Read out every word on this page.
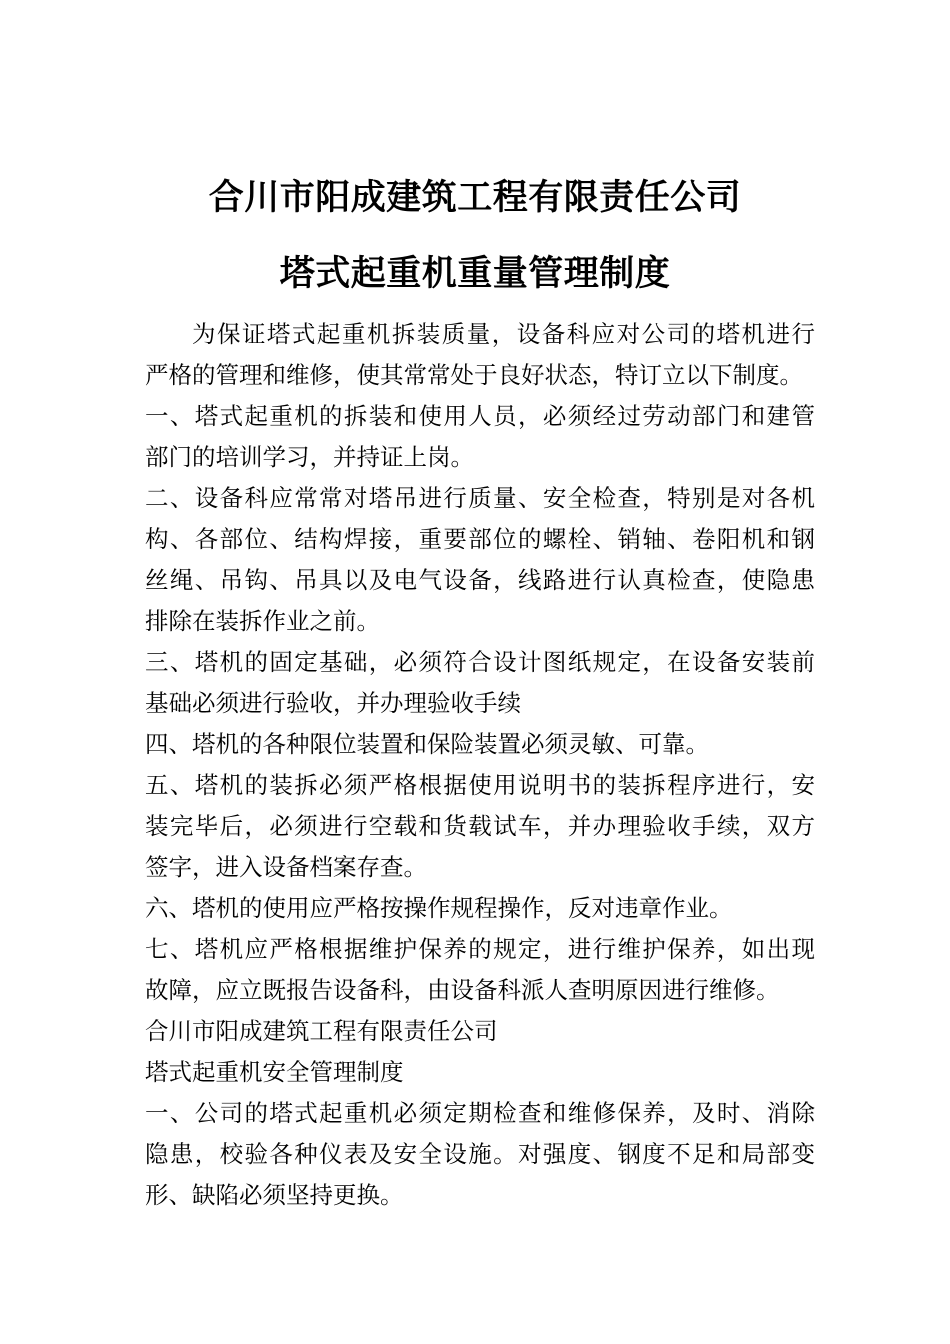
合川市阳成建筑工程有限责任公司
塔式起重机重量管理制度
为保证塔式起重机拆装质量，设备科应对公司的塔机进行
严格的管理和维修，使其常常处于良好状态，特订立以下制度。
一、塔式起重机的拆装和使用人员，必须经过劳动部门和建管
部门的培训学习，并持证上岗。
二、设备科应常常对塔吊进行质量、安全检查，特别是对各机
构、各部位、结构焊接，重要部位的螺栓、销轴、卷阳机和钢
丝绳、吊钩、吊具以及电气设备，线路进行认真检查，使隐患
排除在装拆作业之前。
三、塔机的固定基础，必须符合设计图纸规定，在设备安装前
基础必须进行验收，并办理验收手续
四、塔机的各种限位装置和保险装置必须灵敏、可靠。
五、塔机的装拆必须严格根据使用说明书的装拆程序进行，安
装完毕后，必须进行空载和货载试车，并办理验收手续，双方
签字，进入设备档案存查。
六、塔机的使用应严格按操作规程操作，反对违章作业。
七、塔机应严格根据维护保养的规定，进行维护保养，如出现
故障，应立既报告设备科，由设备科派人查明原因进行维修。
合川市阳成建筑工程有限责任公司
塔式起重机安全管理制度
一、公司的塔式起重机必须定期检查和维修保养，及时、消除
隐患，校验各种仪表及安全设施。对强度、钢度不足和局部变
形、缺陷必须坚持更换。
